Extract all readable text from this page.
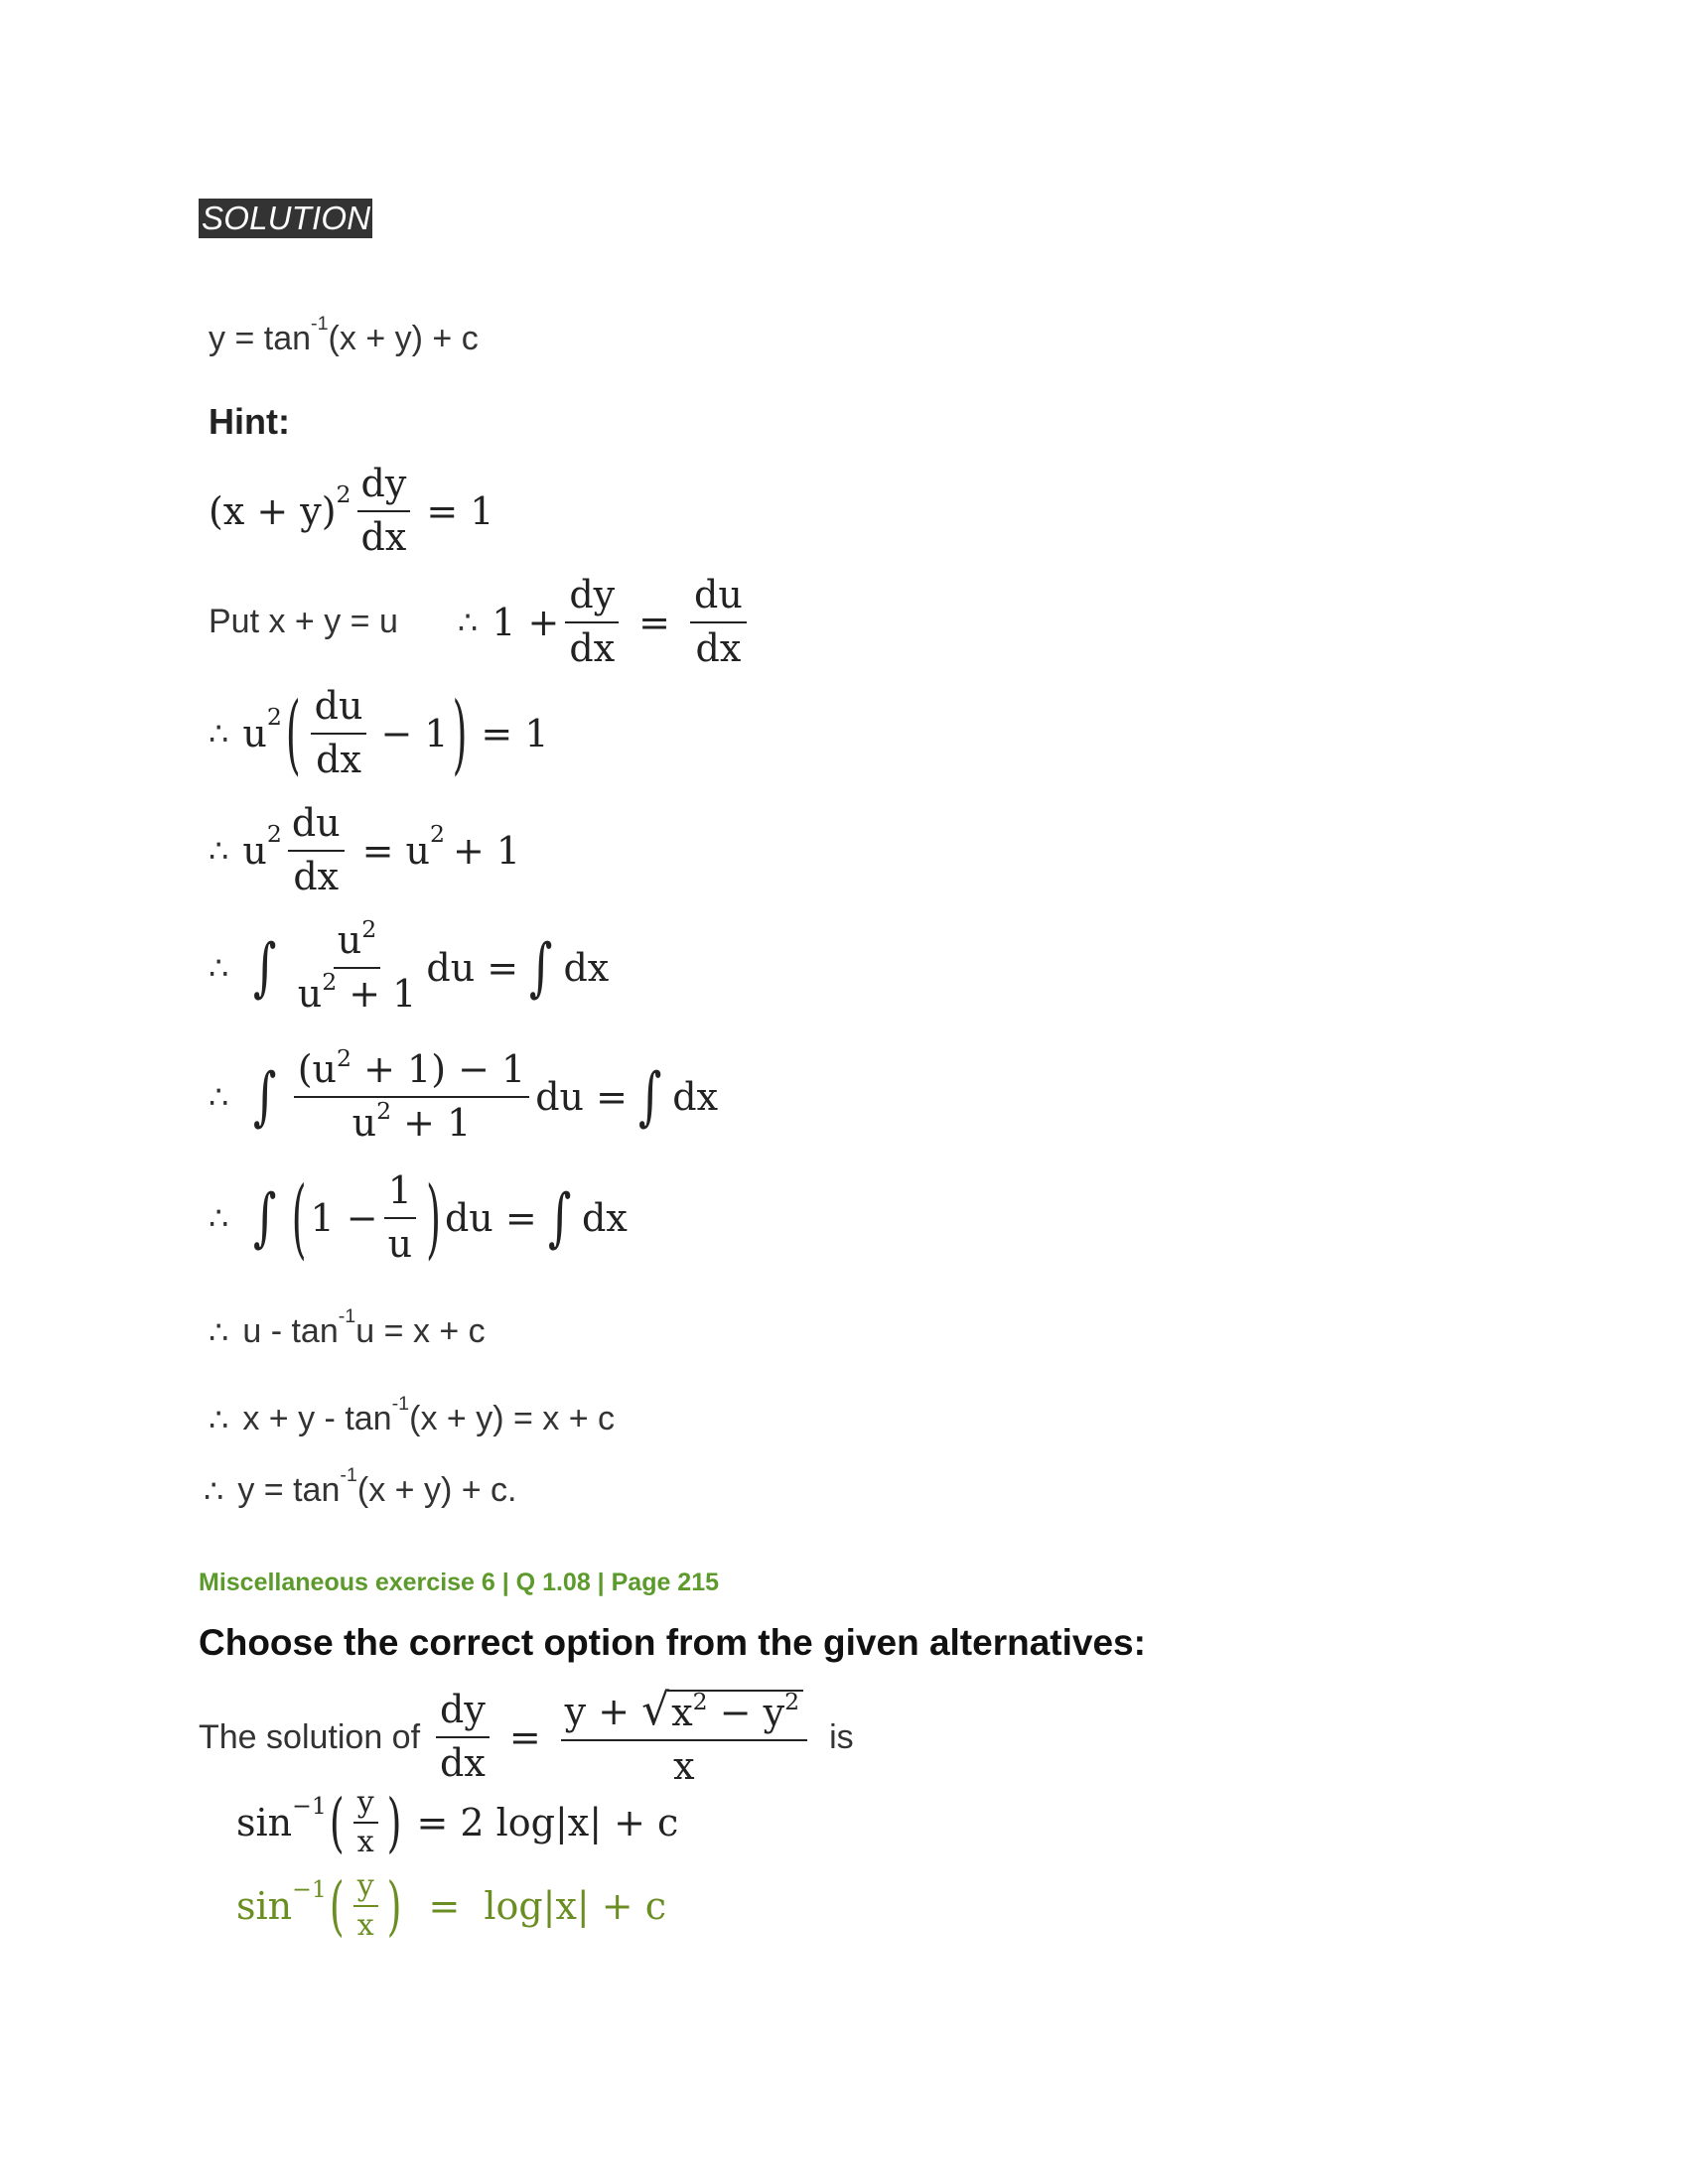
SOLUTION
y = tan -1 (x + y) + c
Hint:
(x + y) $2 \frac{dy}{dx} = 1$
Put x + y = u ∴ $1 + \frac{dy}{dx} = \frac{du}{dx}$
∴ u 2 ( $\frac{du}{dx} - 1$ ) = 1
∴ u $2 \frac{du}{dx} = u$ 2 + 1
∴ ∫ $\frac{u^2}{u^2 + 1}$ du = ∫ dx
∴ ∫ $\frac{(u^2 + 1) - 1}{u^2 + 1}$ du = ∫ dx
∴ ∫ ( $1 - \frac{1}{u}$ ) du = ∫ dx
∴ u - tan -1 u = x + c
∴ x + y - tan -1 (x + y) = x + c
∴ y = tan -1 (x + y) + c.
Miscellaneous exercise 6 | Q 1.08 | Page 215
Choose the correct option from the given alternatives:
The solution of $\frac{dy}{dx} = \frac{y + √ x^2 - y^2}{x}$ is
sin −1 ( $\frac{y}{x}$ ) = 2 log|x| + c
sin −1 ( $\frac{y}{x}$ ) = log|x| + c
